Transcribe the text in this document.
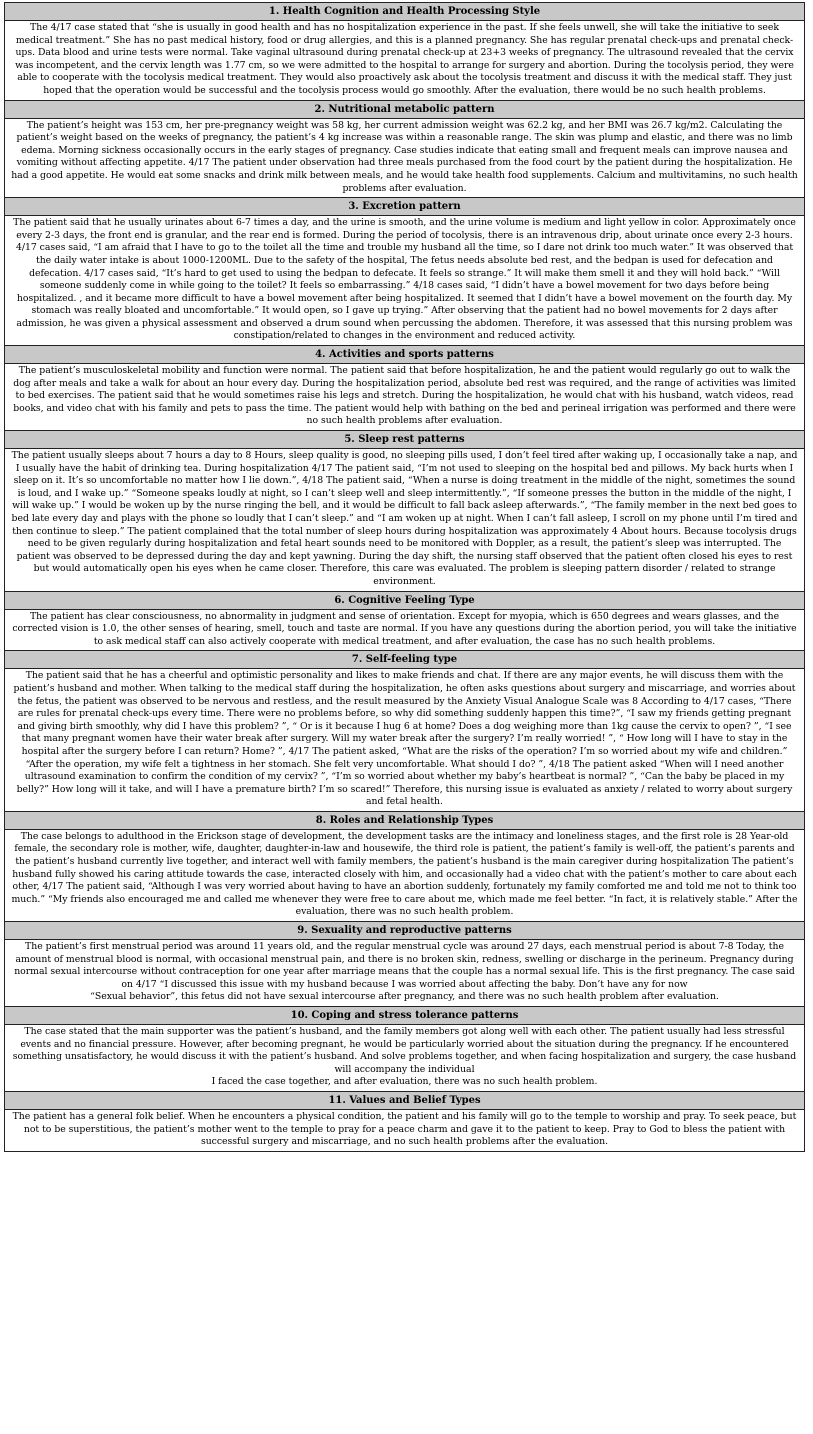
1. Health Cognition and Health Processing Style

The 4/17 case stated that “she is usually in good health and has no hospitalization experience in the past. If she feels unwell, she will take the initiative to seek medical treatment.” She has no past medical history, food or drug allergies, and this is a planned pregnancy. She has regular prenatal check-ups and prenatal check-ups. Data blood and urine tests were normal. Take vaginal ultrasound during prenatal check-up at 23+3 weeks of pregnancy. The ultrasound revealed that the cervix was incompetent, and the cervix length was 1.77 cm, so we were admitted to the hospital to arrange for surgery and abortion. During the tocolysis period, they were able to cooperate with the tocolysis medical treatment. They would also proactively ask about the tocolysis treatment and discuss it with the medical staff. They just hoped that the operation would be successful and the tocolysis process would go smoothly. After the evaluation, there would be no such health problems.

2. Nutritional metabolic pattern

The patient’s height was 153 cm, her pre-pregnancy weight was 58 kg, her current admission weight was 62.2 kg, and her BMI was 26.7 kg/m2. Calculating the patient’s weight based on the weeks of pregnancy, the patient’s 4 kg increase was within a reasonable range. The skin was plump and elastic, and there was no limb edema. Morning sickness occasionally occurs in the early stages of pregnancy. Case studies indicate that eating small and frequent meals can improve nausea and vomiting without affecting appetite. 4/17 The patient under observation had three meals purchased from the food court by the patient during the hospitalization. He had a good appetite. He would eat some snacks and drink milk between meals, and he would take health food supplements. Calcium and multivitamins, no such health problems after evaluation.

3. Excretion pattern

The patient said that he usually urinates about 6-7 times a day, and the urine is smooth, and the urine volume is medium and light yellow in color. Approximately once every 2-3 days, the front end is granular, and the rear end is formed. During the period of tocolysis, there is an intravenous drip, about urinate once every 2-3 hours. 4/17 cases said, “I am afraid that I have to go to the toilet all the time and trouble my husband all the time, so I dare not drink too much water.” It was observed that the daily water intake is about 1000-1200ML. Due to the safety of the hospital, The fetus needs absolute bed rest, and the bedpan is used for defecation and defecation. 4/17 cases said, “It’s hard to get used to using the bedpan to defecate. It feels so strange.” It will make them smell it and they will hold back.” “Will someone suddenly come in while going to the toilet? It feels so embarrassing.” 4/18 cases said, “I didn’t have a bowel movement for two days before being hospitalized. , and it became more difficult to have a bowel movement after being hospitalized. It seemed that I didn’t have a bowel movement on the fourth day. My stomach was really bloated and uncomfortable.” It would open, so I gave up trying.” After observing that the patient had no bowel movements for 2 days after admission, he was given a physical assessment and observed a drum sound when percussing the abdomen. Therefore, it was assessed that this nursing problem was constipation/related to changes in the environment and reduced activity.

4. Activities and sports patterns

The patient’s musculoskeletal mobility and function were normal. The patient said that before hospitalization, he and the patient would regularly go out to walk the dog after meals and take a walk for about an hour every day. During the hospitalization period, absolute bed rest was required, and the range of activities was limited to bed exercises. The patient said that he would sometimes raise his legs and stretch. During the hospitalization, he would chat with his husband, watch videos, read books, and video chat with his family and pets to pass the time. The patient would help with bathing on the bed and perineal irrigation was performed and there were no such health problems after evaluation.

5. Sleep rest patterns

The patient usually sleeps about 7 hours a day to 8 Hours, sleep quality is good, no sleeping pills used, I don’t feel tired after waking up, I occasionally take a nap, and I usually have the habit of drinking tea. During hospitalization 4/17 The patient said, “I’m not used to sleeping on the hospital bed and pillows. My back hurts when I sleep on it. It’s so uncomfortable no matter how I lie down.”, 4/18 The patient said, “When a nurse is doing treatment in the middle of the night, sometimes the sound is loud, and I wake up.” “Someone speaks loudly at night, so I can’t sleep well and sleep intermittently.”, “If someone presses the button in the middle of the night, I will wake up.” I would be woken up by the nurse ringing the bell, and it would be difficult to fall back asleep afterwards.”, “The family member in the next bed goes to bed late every day and plays with the phone so loudly that I can’t sleep.” and “I am woken up at night. When I can’t fall asleep, I scroll on my phone until I’m tired and then continue to sleep.” The patient complained that the total number of sleep hours during hospitalization was approximately 4 About hours. Because tocolysis drugs need to be given regularly during hospitalization and fetal heart sounds need to be monitored with Doppler, as a result, the patient’s sleep was interrupted. The patient was observed to be depressed during the day and kept yawning. During the day shift, the nursing staff observed that the patient often closed his eyes to rest but would automatically open his eyes when he came closer. Therefore, this care was evaluated. The problem is sleeping pattern disorder / related to strange environment.

6. Cognitive Feeling Type

The patient has clear consciousness, no abnormality in judgment and sense of orientation. Except for myopia, which is 650 degrees and wears glasses, and the corrected vision is 1.0, the other senses of hearing, smell, touch and taste are normal. If you have any questions during the abortion period, you will take the initiative to ask medical staff can also actively cooperate with medical treatment, and after evaluation, the case has no such health problems.

7. Self-feeling type

The patient said that he has a cheerful and optimistic personality and likes to make friends and chat. If there are any major events, he will discuss them with the patient’s husband and mother. When talking to the medical staff during the hospitalization, he often asks questions about surgery and miscarriage, and worries about the fetus, the patient was observed to be nervous and restless, and the result measured by the Anxiety Visual Analogue Scale was 8 According to 4/17 cases, “There are rules for prenatal check-ups every time. There were no problems before, so why did something suddenly happen this time?”, “I saw my friends getting pregnant and giving birth smoothly, why did I have this problem? ”, “ Or is it because I hug 6 at home? Does a dog weighing more than 1kg cause the cervix to open? ”, “I see that many pregnant women have their water break after surgery. Will my water break after the surgery? I’m really worried! ”, “ How long will I have to stay in the hospital after the surgery before I can return? Home? ”, 4/17 The patient asked, “What are the risks of the operation? I’m so worried about my wife and children.” “After the operation, my wife felt a tightness in her stomach. She felt very uncomfortable. What should I do? ”, 4/18 The patient asked “When will I need another ultrasound examination to confirm the condition of my cervix? ”, “I’m so worried about whether my baby’s heartbeat is normal? ”, “Can the baby be placed in my belly?” How long will it take, and will I have a premature birth? I’m so scared!” Therefore, this nursing issue is evaluated as anxiety / related to worry about surgery and fetal health.

8. Roles and Relationship Types

The case belongs to adulthood in the Erickson stage of development, the development tasks are the intimacy and loneliness stages, and the first role is 28 Year-old female, the secondary role is mother, wife, daughter, daughter-in-law and housewife, the third role is patient, the patient’s family is well-off, the patient’s parents and the patient’s husband currently live together, and interact well with family members, the patient’s husband is the main caregiver during hospitalization The patient’s husband fully showed his caring attitude towards the case, interacted closely with him, and occasionally had a video chat with the patient’s mother to care about each other, 4/17 The patient said, “Although I was very worried about having to have an abortion suddenly, fortunately my family comforted me and told me not to think too much.” “My friends also encouraged me and called me whenever they were free to care about me, which made me feel better. “In fact, it is relatively stable.” After the evaluation, there was no such health problem.

9. Sexuality and reproductive patterns

The patient’s first menstrual period was around 11 years old, and the regular menstrual cycle was around 27 days, each menstrual period is about 7-8 Today, the amount of menstrual blood is normal, with occasional menstrual pain, and there is no broken skin, redness, swelling or discharge in the perineum. Pregnancy during normal sexual intercourse without contraception for one year after marriage means that the couple has a normal sexual life. This is the first pregnancy. The case said on 4/17 “I discussed this issue with my husband because I was worried about affecting the baby. Don’t have any for now
“Sexual behavior”, this fetus did not have sexual intercourse after pregnancy, and there was no such health problem after evaluation.

10. Coping and stress tolerance patterns

The case stated that the main supporter was the patient’s husband, and the family members got along well with each other. The patient usually had less stressful events and no financial pressure. However, after becoming pregnant, he would be particularly worried about the situation during the pregnancy. If he encountered something unsatisfactory, he would discuss it with the patient’s husband. And solve problems together, and when facing hospitalization and surgery, the case husband will accompany the individual
I faced the case together, and after evaluation, there was no such health problem.

11. Values and Belief Types

The patient has a general folk belief. When he encounters a physical condition, the patient and his family will go to the temple to worship and pray. To seek peace, but not to be superstitious, the patient’s mother went to the temple to pray for a peace charm and gave it to the patient to keep. Pray to God to bless the patient with successful surgery and miscarriage, and no such health problems after the evaluation.
